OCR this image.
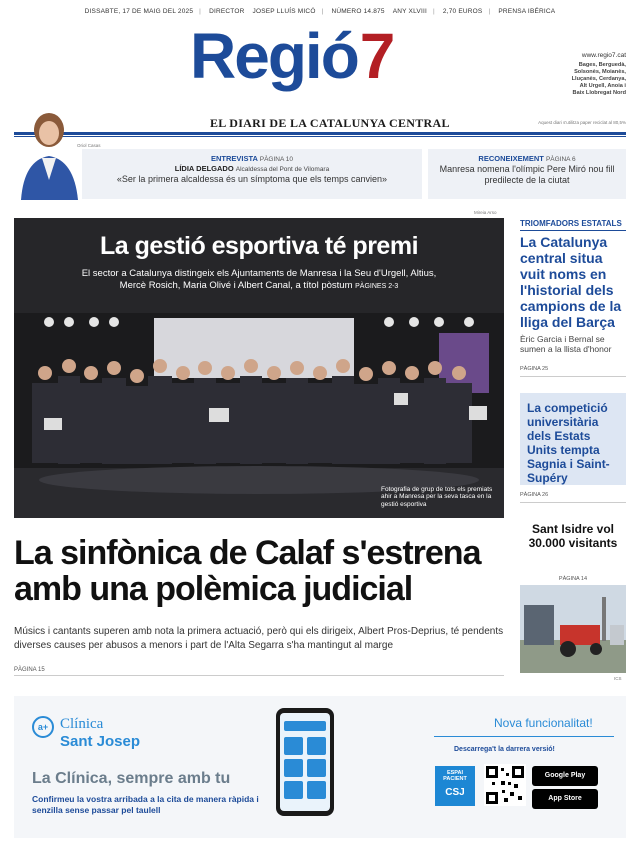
DISSABTE, 17 DE MAIG DEL 2025 | DIRECTOR JOSEP LLUÍS MICÓ | NÚMERO 14.875 ANY XLVIII | 2,70 EUROS | PRENSA IBÉRICA
Regió7
EL DIARI DE LA CATALUNYA CENTRAL
www.regio7.cat
Bages, Berguedà,
Solsonès, Moianès,
Lluçanès, Cerdanya,
Alt Urgell, Anoia i
Baix Llobregat Nord
Aquest diari s'utilitza paper reciclat al 80,5%
ENTREVISTA PÀGINA 10
LÍDIA DELGADO Alcaldessa del Pont de Vilomara
«Ser la primera alcaldessa és un símptoma que els temps canvien»
Oriol Casas
RECONEIXEMENT PÀGINA 6
Manresa nomena l'olímpic Pere Miró nou fill predilecte de la ciutat
Mireia Arso
La gestió esportiva té premi
El sector a Catalunya distingeix els Ajuntaments de Manresa i la Seu d'Urgell, Altius, Mercè Rosich, Maria Olivé i Albert Canal, a títol pòstum PÀGINES 2-3
Fotografia de grup de tots els premiats ahir a Manresa per la seva tasca en la gestió esportiva
La sinfònica de Calaf s'estrena amb una polèmica judicial
Músics i cantants superen amb nota la primera actuació, però qui els dirigeix, Albert Pros-Deprius, té pendents diverses causes per abusos a menors i part de l'Alta Segarra s'ha mantingut al marge
PÀGINA 15
TRIOMFADORS ESTATALS
La Catalunya central situa vuit noms en l'historial dels campions de la lliga del Barça
Èric Garcia i Bernal se sumen a la llista d'honor
PÀGINA 25
La competició universitària dels Estats Units tempta Sagnia i Saint-Supéry
PÀGINA 26
Sant Isidre vol 30.000 visitants
PÀGINA 14
ICS
a+ Clínica
Sant Josep
La Clínica, sempre amb tu
Confirmeu la vostra arribada a la cita de manera ràpida i senzilla sense passar pel taulell
Nova funcionalitat!
Descarrega't la darrera versió!
ESPAI
PACIENT
CSJ
Google Play
App Store
